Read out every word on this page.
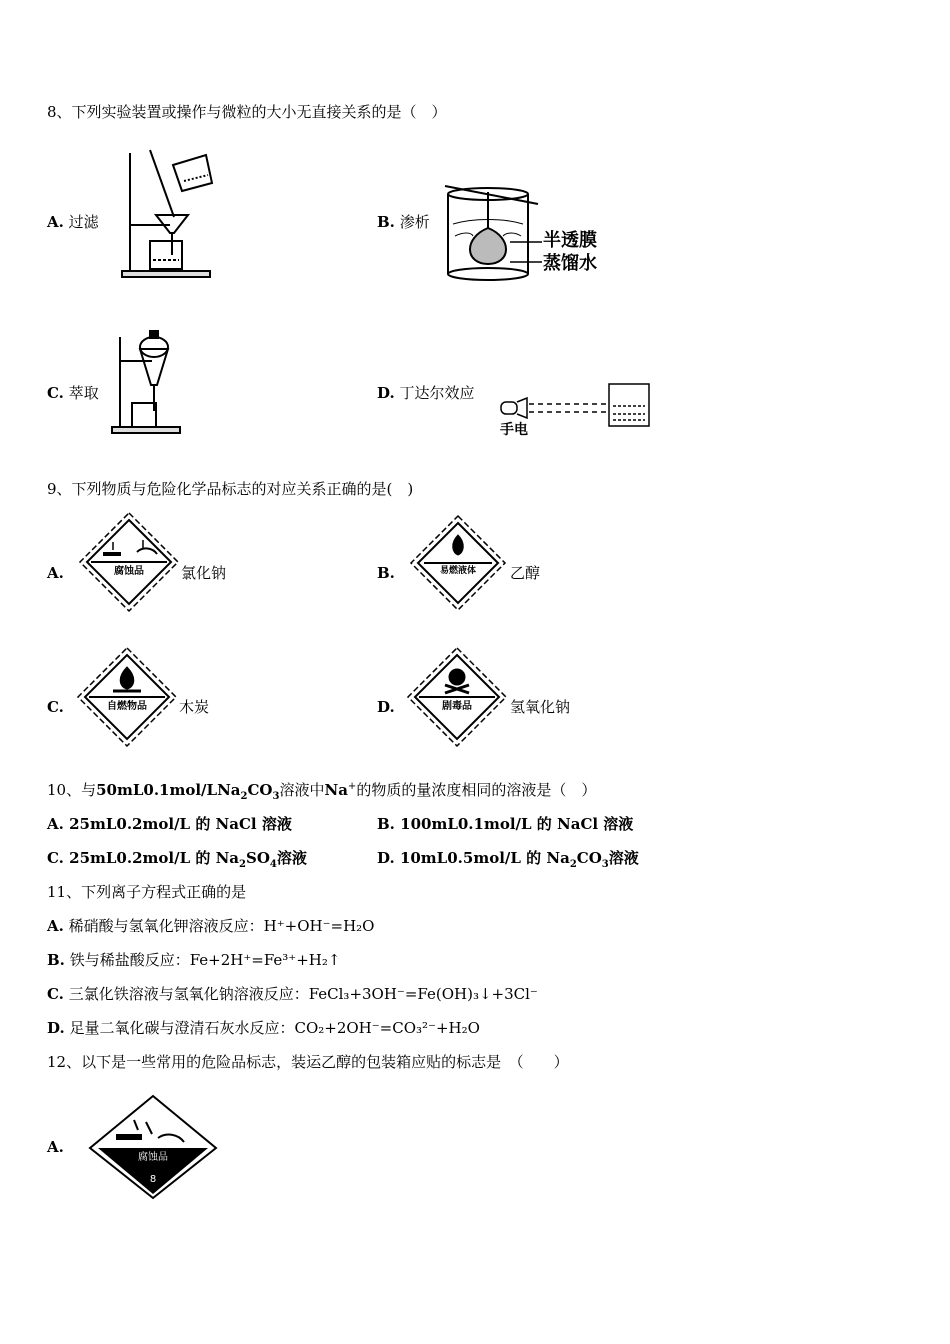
8、下列实验装置或操作与微粒的大小无直接关系的是（　）
A. 过滤	B. 渗析
半透膜
蒸馏水
C. 萃取	D. 丁达尔效应
手电
9、下列物质与危险化学品标志的对应关系正确的是(　)
A.	腐蚀品 氯化钠	B.	易燃液体 乙醇
C.	自燃物品 木炭	D.	剧毒品	氢氧化钠
10、与$50mL0.1mol/LNa_2CO_3$溶液中Na+的物质的量浓度相同的溶液是（　）
A. 25mL0.2mol/L 的 NaCl 溶液	B. 100mL0.1mol/L 的 NaCl 溶液
C. 25mL0.2mol/L 的 $Na_2SO_4$溶液	D. 10mL0.5mol/L 的 $Na_2CO_3$溶液
11、下列离子方程式正确的是
A. 稀硝酸与氢氧化钾溶液反应：H⁺+OH⁻=H₂O
B. 铁与稀盐酸反应：Fe+2H⁺=Fe³⁺+H₂↑
C. 三氯化铁溶液与氢氧化钠溶液反应：FeCl₃+3OH⁻=Fe(OH)₃↓+3Cl⁻
D. 足量二氧化碳与澄清石灰水反应：CO₂+2OH⁻=CO₃²⁻+H₂O
12、以下是一些常用的危险品标志，装运乙醇的包装箱应贴的标志是　（　　）
A.
腐蚀品
8
